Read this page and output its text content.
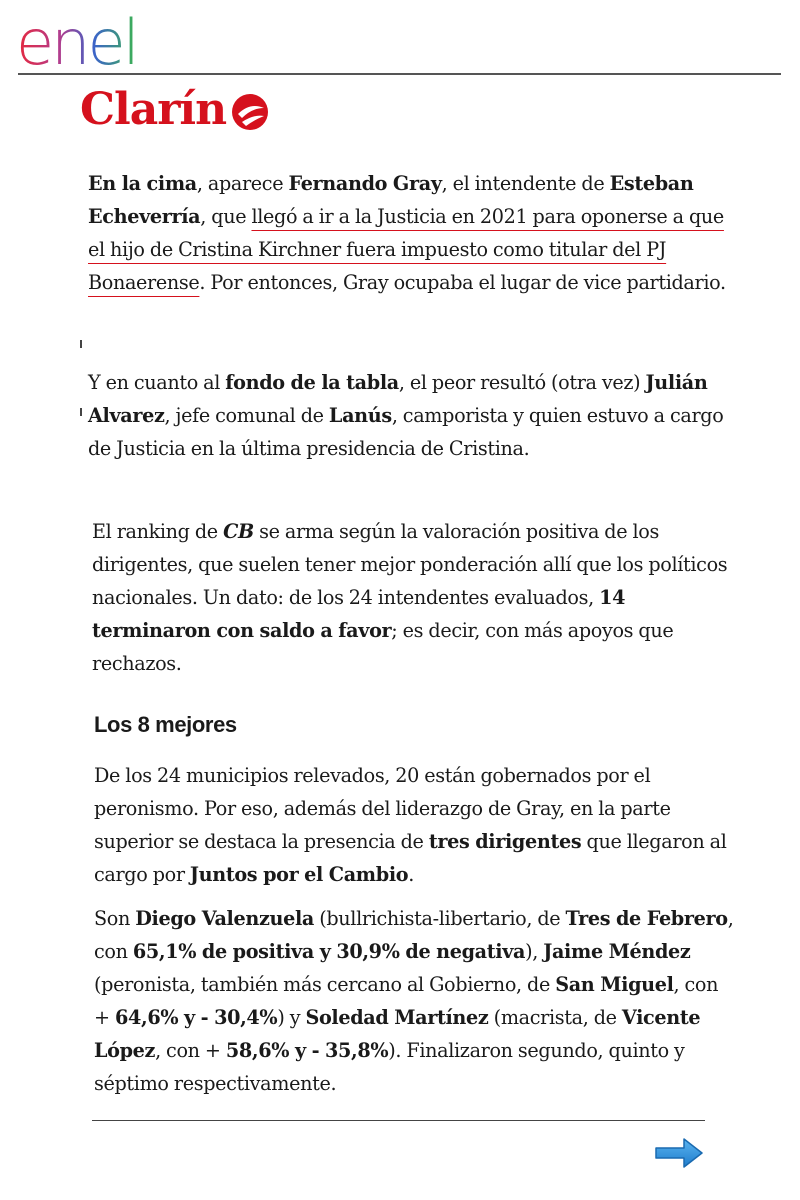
enel
Clarín

En la cima, aparece Fernando Gray, el intendente de Esteban Echeverría, que llegó a ir a la Justicia en 2021 para oponerse a que el hijo de Cristina Kirchner fuera impuesto como titular del PJ Bonaerense. Por entonces, Gray ocupaba el lugar de vice partidario.

Y en cuanto al fondo de la tabla, el peor resultó (otra vez) Julián Alvarez, jefe comunal de Lanús, camporista y quien estuvo a cargo de Justicia en la última presidencia de Cristina.

El ranking de CB se arma según la valoración positiva de los dirigentes, que suelen tener mejor ponderación allí que los políticos nacionales. Un dato: de los 24 intendentes evaluados, 14 terminaron con saldo a favor; es decir, con más apoyos que rechazos.

Los 8 mejores

De los 24 municipios relevados, 20 están gobernados por el peronismo. Por eso, además del liderazgo de Gray, en la parte superior se destaca la presencia de tres dirigentes que llegaron al cargo por Juntos por el Cambio.

Son Diego Valenzuela (bullrichista-libertario, de Tres de Febrero, con 65,1% de positiva y 30,9% de negativa), Jaime Méndez (peronista, también más cercano al Gobierno, de San Miguel, con + 64,6% y - 30,4%) y Soledad Martínez (macrista, de Vicente López, con + 58,6% y - 35,8%). Finalizaron segundo, quinto y séptimo respectivamente.
